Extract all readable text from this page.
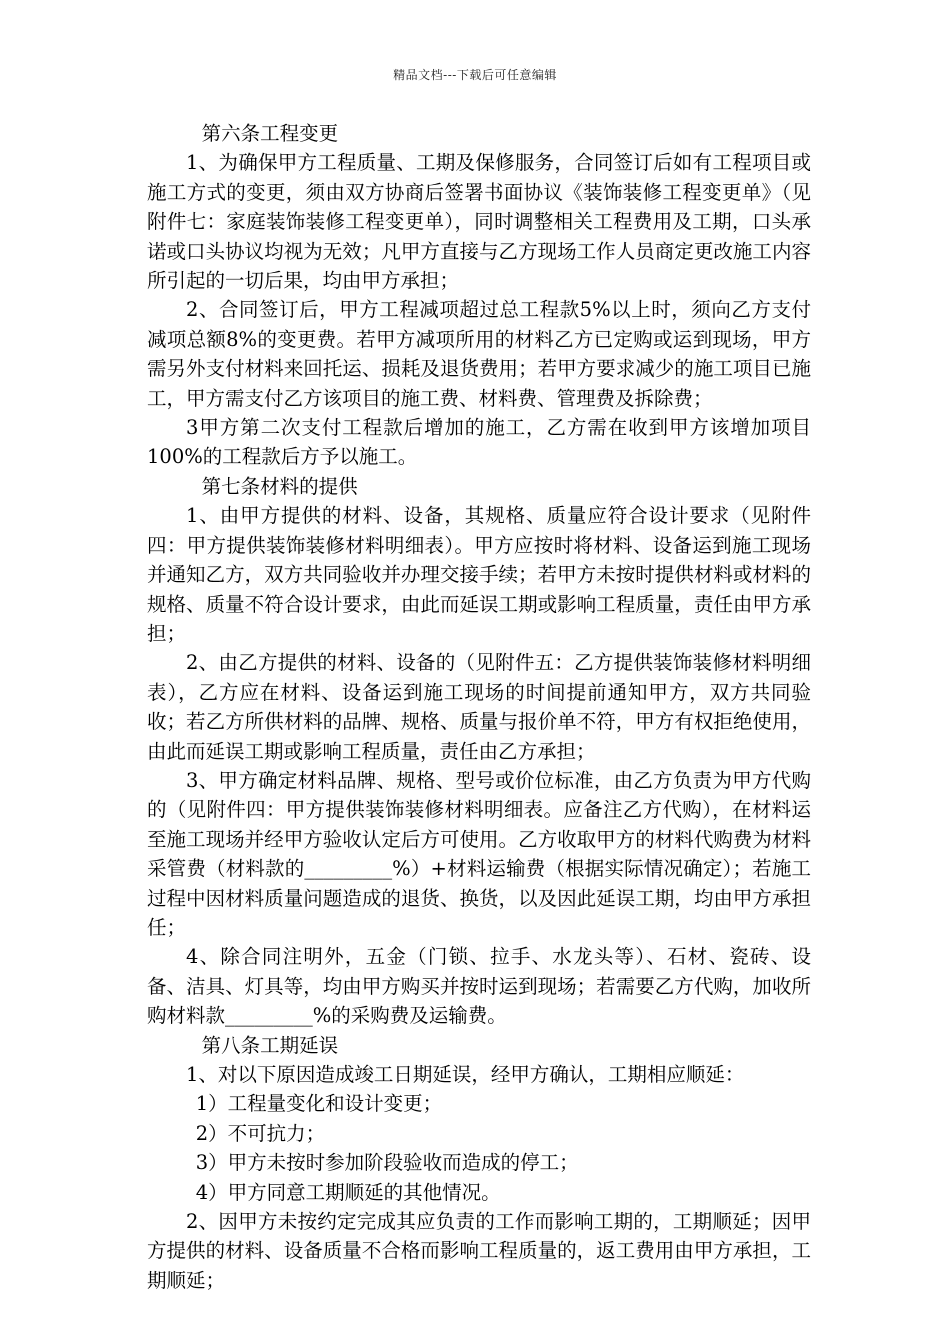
精品文档---下载后可任意编辑

第六条工程变更

1、为确保甲方工程质量、工期及保修服务，合同签订后如有工程项目或施工方式的变更，须由双方协商后签署书面协议《装饰装修工程变更单》（见附件七：家庭装饰装修工程变更单），同时调整相关工程费用及工期，口头承诺或口头协议均视为无效；凡甲方直接与乙方现场工作人员商定更改施工内容所引起的一切后果，均由甲方承担；

2、合同签订后，甲方工程减项超过总工程款5%以上时，须向乙方支付减项总额8%的变更费。若甲方减项所用的材料乙方已定购或运到现场，甲方需另外支付材料来回托运、损耗及退货费用；若甲方要求减少的施工项目已施工，甲方需支付乙方该项目的施工费、材料费、管理费及拆除费；

3甲方第二次支付工程款后增加的施工，乙方需在收到甲方该增加项目100%的工程款后方予以施工。

第七条材料的提供

1、由甲方提供的材料、设备，其规格、质量应符合设计要求（见附件四：甲方提供装饰装修材料明细表）。甲方应按时将材料、设备运到施工现场并通知乙方，双方共同验收并办理交接手续；若甲方未按时提供材料或材料的规格、质量不符合设计要求，由此而延误工期或影响工程质量，责任由甲方承担；

2、由乙方提供的材料、设备的（见附件五：乙方提供装饰装修材料明细表），乙方应在材料、设备运到施工现场的时间提前通知甲方，双方共同验收；若乙方所供材料的品牌、规格、质量与报价单不符，甲方有权拒绝使用，由此而延误工期或影响工程质量，责任由乙方承担；

3、甲方确定材料品牌、规格、型号或价位标准，由乙方负责为甲方代购的（见附件四：甲方提供装饰装修材料明细表。应备注乙方代购），在材料运至施工现场并经甲方验收认定后方可使用。乙方收取甲方的材料代购费为材料采管费（材料款的_________%）+材料运输费（根据实际情况确定）；若施工过程中因材料质量问题造成的退货、换货，以及因此延误工期，均由甲方承担任；

4、除合同注明外，五金（门锁、拉手、水龙头等）、石材、瓷砖、设备、洁具、灯具等，均由甲方购买并按时运到现场；若需要乙方代购，加收所购材料款_________%的采购费及运输费。

第八条工期延误

1、对以下原因造成竣工日期延误，经甲方确认，工期相应顺延：

1）工程量变化和设计变更；

2）不可抗力；

3）甲方未按时参加阶段验收而造成的停工；

4）甲方同意工期顺延的其他情况。

2、因甲方未按约定完成其应负责的工作而影响工期的，工期顺延；因甲方提供的材料、设备质量不合格而影响工程质量的，返工费用由甲方承担，工期顺延；
